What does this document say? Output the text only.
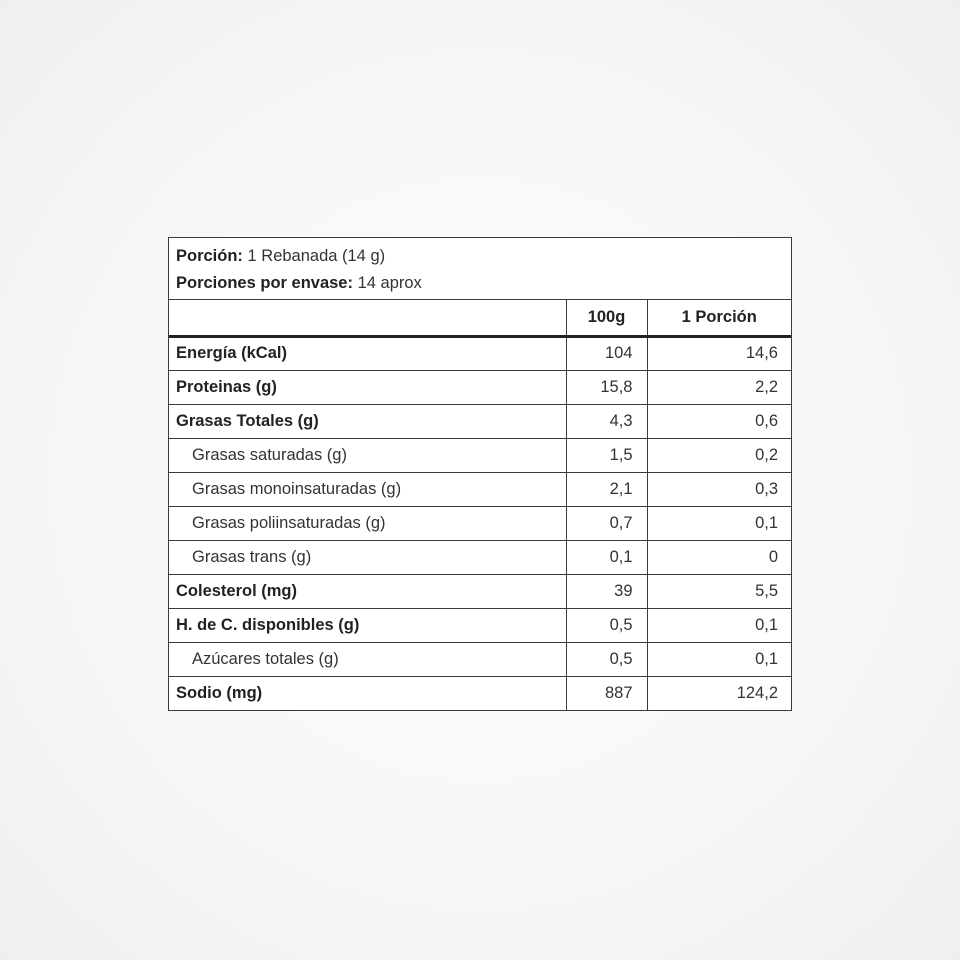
Porción: 1 Rebanada (14 g)
Porciones por envase: 14 aprox
	100g	1 Porción
Energía (kCal)	104	14,6
Proteinas (g)	15,8	2,2
Grasas Totales (g)	4,3	0,6
Grasas saturadas (g)	1,5	0,2
Grasas monoinsaturadas (g)	2,1	0,3
Grasas poliinsaturadas (g)	0,7	0,1
Grasas trans (g)	0,1	0
Colesterol (mg)	39	5,5
H. de C. disponibles (g)	0,5	0,1
Azúcares totales (g)	0,5	0,1
Sodio (mg)	887	124,2
